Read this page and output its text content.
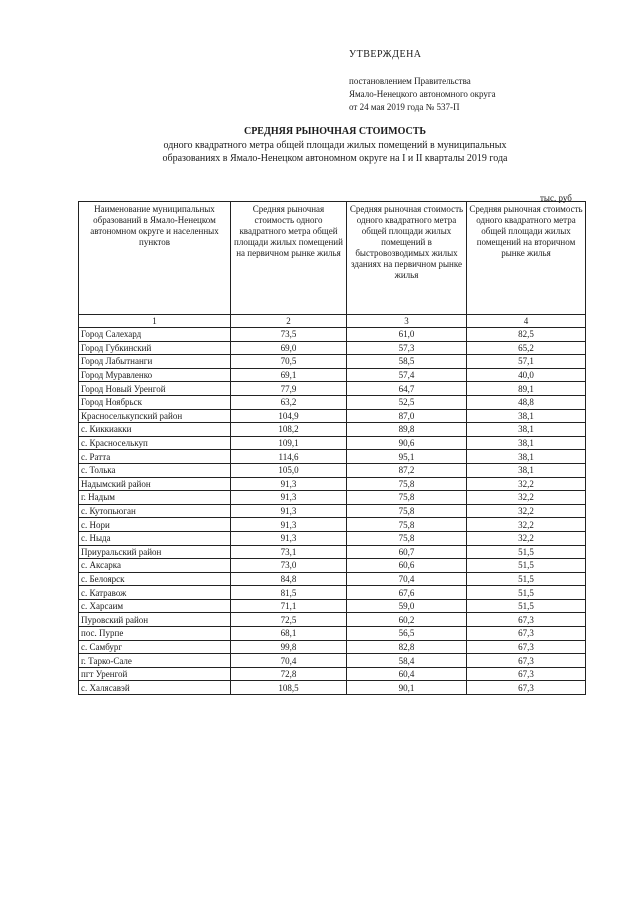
УТВЕРЖДЕНА
постановлением Правительства
Ямало-Ненецкого автономного округа
от 24 мая 2019 года № 537-П
СРЕДНЯЯ РЫНОЧНАЯ СТОИМОСТЬ
одного квадратного метра общей площади жилых помещений в муниципальных
образованиях в Ямало-Ненецком автономном округе на I и II кварталы 2019 года
тыс. руб
Наименование муниципальных образований в Ямало-Ненецком автономном округе и населенных пунктов	Средняя рыночная стоимость одного квадратного метра общей площади жилых помещений на первичном рынке жилья	Средняя рыночная стоимость одного квадратного метра общей площади жилых помещений в быстровозводимых жилых зданиях на первичном рынке жилья	Средняя рыночная стоимость одного квадратного метра общей площади жилых помещений на вторичном рынке жилья
1	2	3	4
Город Салехард	73,5	61,0	82,5
Город Губкинский	69,0	57,3	65,2
Город Лабытнанги	70,5	58,5	57,1
Город Муравленко	69,1	57,4	40,0
Город Новый Уренгой	77,9	64,7	89,1
Город Ноябрьск	63,2	52,5	48,8
Красноселькупский район	104,9	87,0	38,1
с. Киккиакки	108,2	89,8	38,1
с. Красноселькуп	109,1	90,6	38,1
с. Ратта	114,6	95,1	38,1
с. Толька	105,0	87,2	38,1
Надымский район	91,3	75,8	32,2
г. Надым	91,3	75,8	32,2
с. Кутопьюган	91,3	75,8	32,2
с. Нори	91,3	75,8	32,2
с. Ныда	91,3	75,8	32,2
Приуральский район	73,1	60,7	51,5
с. Аксарка	73,0	60,6	51,5
с. Белоярск	84,8	70,4	51,5
с. Катравож	81,5	67,6	51,5
с. Харсаим	71,1	59,0	51,5
Пуровский район	72,5	60,2	67,3
пос. Пурпе	68,1	56,5	67,3
с. Самбург	99,8	82,8	67,3
г. Тарко-Сале	70,4	58,4	67,3
пгт Уренгой	72,8	60,4	67,3
с. Халясавэй	108,5	90,1	67,3
